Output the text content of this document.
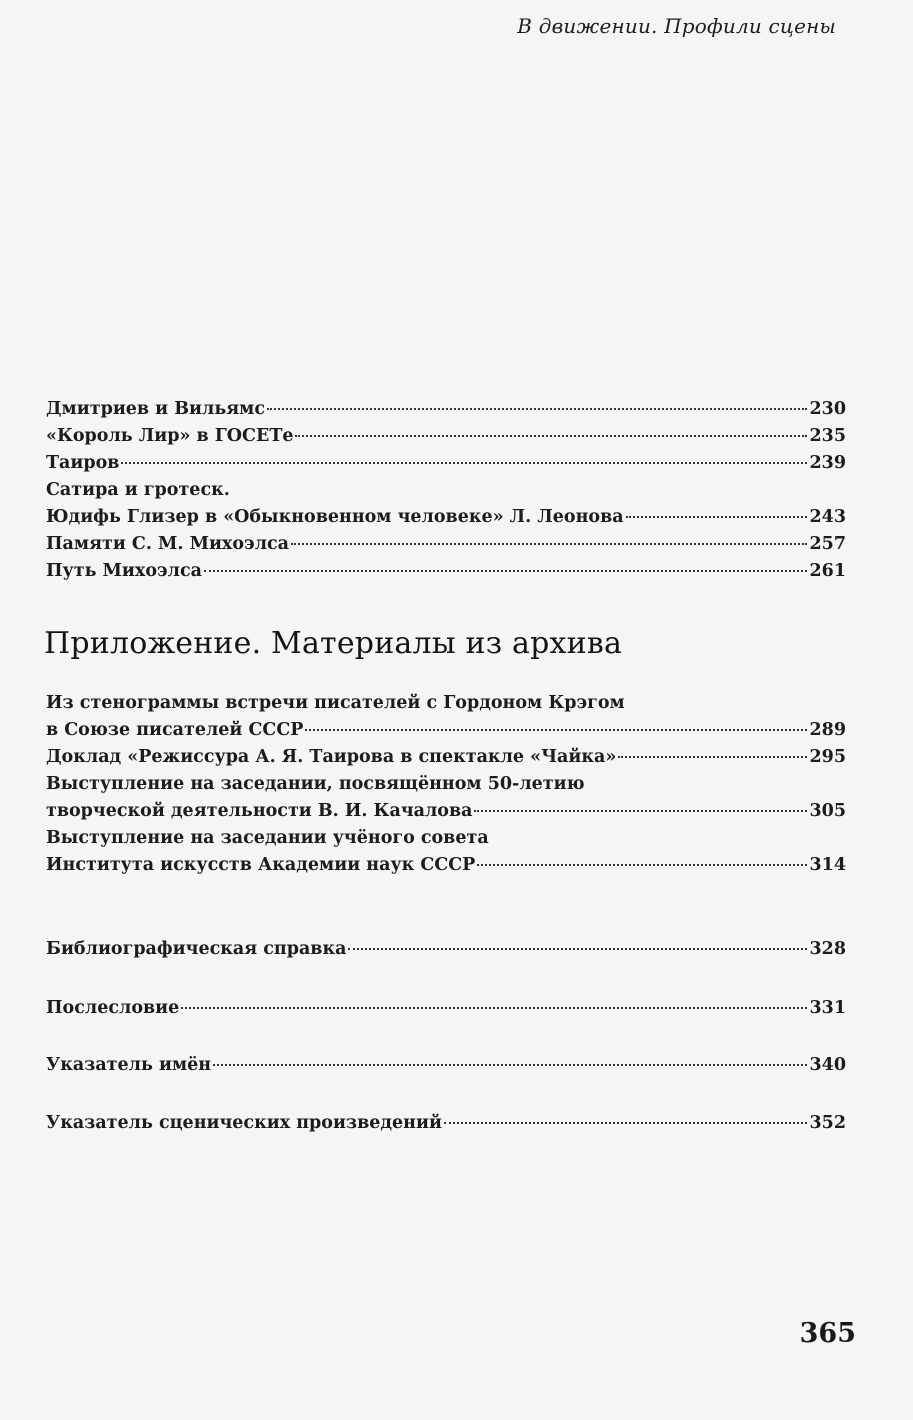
В движении. Профили сцены
Дмитриев и Вильямс	230
«Король Лир» в ГОСЕТе	235
Таиров	239
Сатира и гротеск.
Юдифь Глизер в «Обыкновенном человеке» Л. Леонова	243
Памяти С. М. Михоэлса	257
Путь Михоэлса	261
Приложение. Материалы из архива
Из стенограммы встречи писателей с Гордоном Крэгом
в Союзе писателей СССР	289
Доклад «Режиссура А. Я. Таирова в спектакле «Чайка»	295
Выступление на заседании, посвящённом 50-летию
творческой деятельности В. И. Качалова	305
Выступление на заседании учёного совета
Института искусств Академии наук СССР	314
Библиографическая справка	328
Послесловие	331
Указатель имён	340
Указатель сценических произведений	352
365
